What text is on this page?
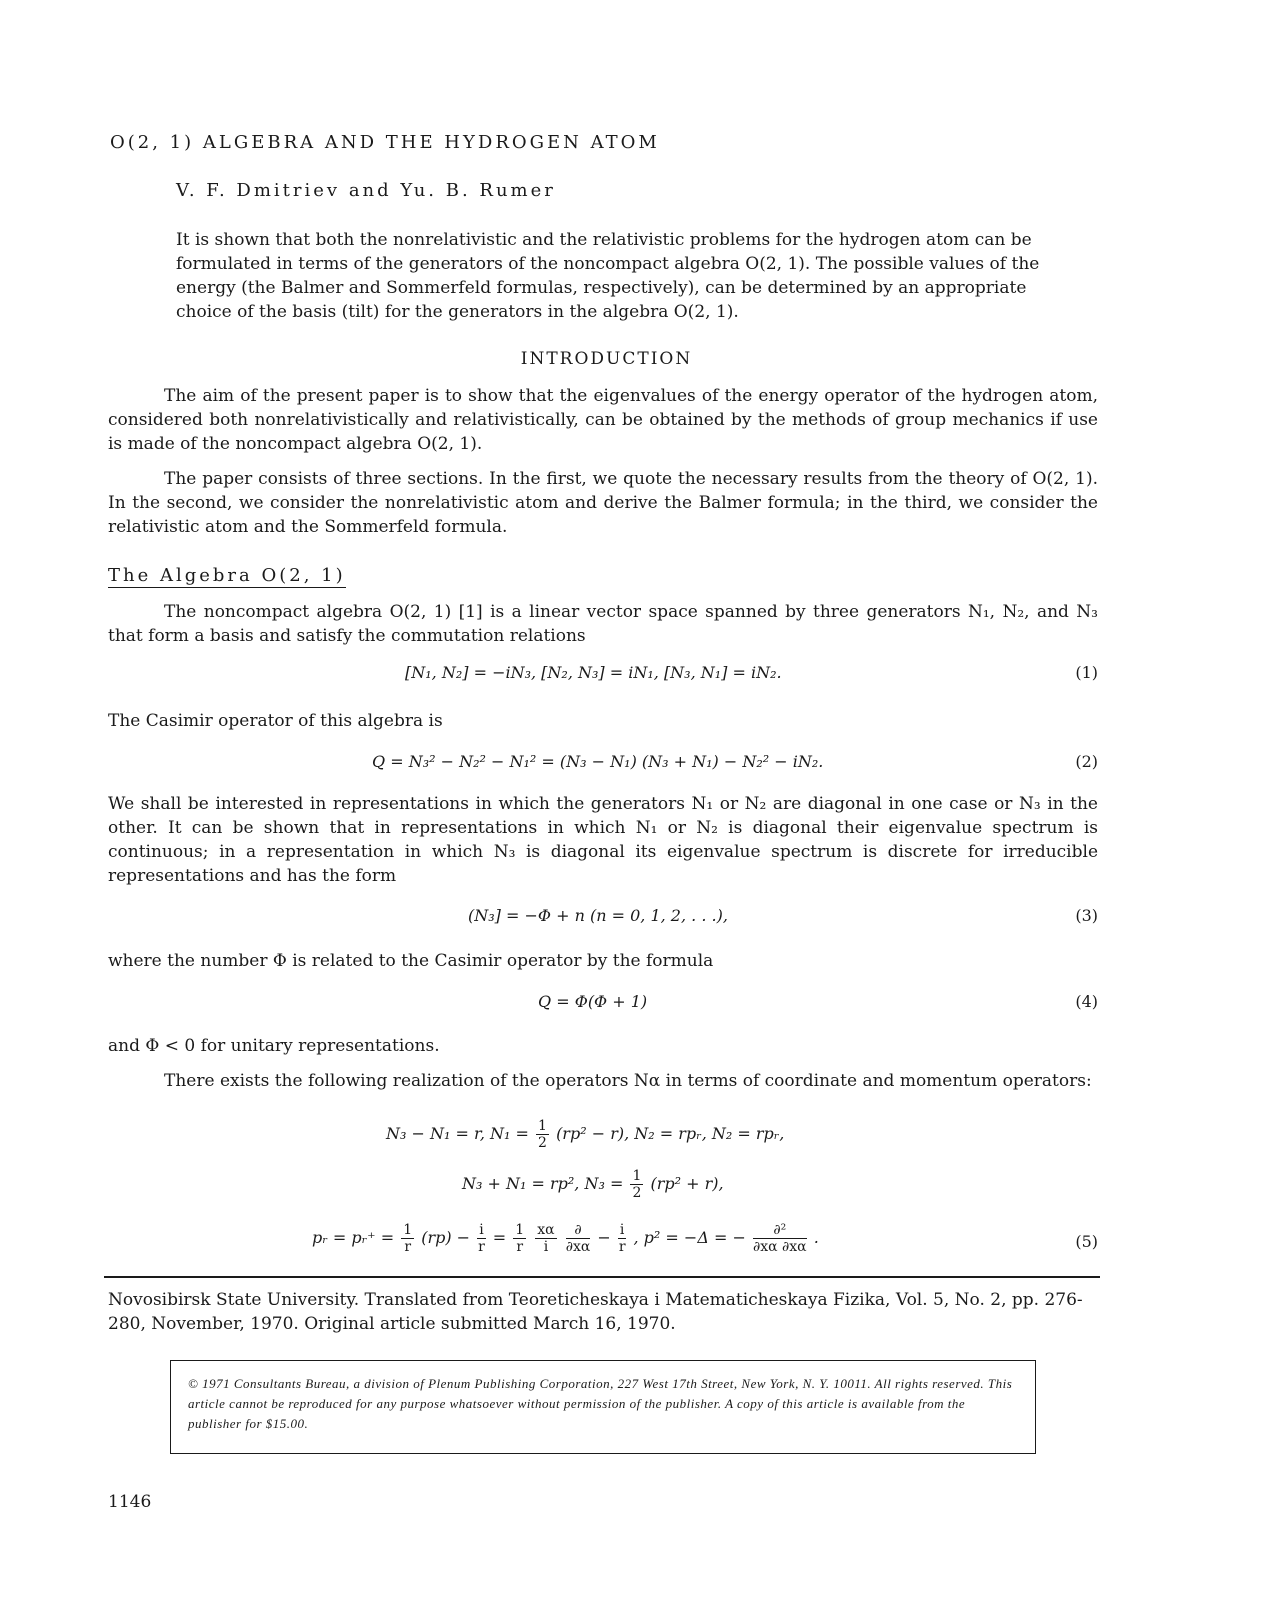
O(2, 1) ALGEBRA AND THE HYDROGEN ATOM
V. F. Dmitriev and Yu. B. Rumer
It is shown that both the nonrelativistic and the relativistic problems for the hydrogen atom can be formulated in terms of the generators of the noncompact algebra O(2, 1). The possible values of the energy (the Balmer and Sommerfeld formulas, respectively), can be determined by an appropriate choice of the basis (tilt) for the generators in the algebra O(2, 1).
INTRODUCTION
The aim of the present paper is to show that the eigenvalues of the energy operator of the hydrogen atom, considered both nonrelativistically and relativistically, can be obtained by the methods of group mechanics if use is made of the noncompact algebra O(2, 1).
The paper consists of three sections. In the first, we quote the necessary results from the theory of O(2, 1). In the second, we consider the nonrelativistic atom and derive the Balmer formula; in the third, we consider the relativistic atom and the Sommerfeld formula.
The Algebra O(2, 1)
The noncompact algebra O(2, 1) [1] is a linear vector space spanned by three generators N₁, N₂, and N₃ that form a basis and satisfy the commutation relations
[N₁, N₂] = −iN₃, [N₂, N₃] = iN₁, [N₃, N₁] = iN₂.	(1)
The Casimir operator of this algebra is
Q = N₃² − N₂² − N₁² = (N₃ − N₁) (N₃ + N₁) − N₂² − iN₂.	(2)
We shall be interested in representations in which the generators N₁ or N₂ are diagonal in one case or N₃ in the other. It can be shown that in representations in which N₁ or N₂ is diagonal their eigenvalue spectrum is continuous; in a representation in which N₃ is diagonal its eigenvalue spectrum is discrete for irreducible representations and has the form
(N₃] = −Φ + n (n = 0, 1, 2, . . .),	(3)
where the number Φ is related to the Casimir operator by the formula
Q = Φ(Φ + 1)	(4)
and Φ < 0 for unitary representations.
There exists the following realization of the operators Nα in terms of coordinate and momentum operators:
N₃ − N₁ = r, $N_1 = \frac{1}{2} (rp^2 - r)$, N₂ = rpᵣ, N₂ = rpᵣ,
N₃ + N₁ = rp², $N_3 = \frac{1}{2} (rp^2 + r)$,
pᵣ = pᵣ⁺ = $\frac{1}{r} (rp) - \frac{i}{r} = \frac{1}{r}$
$\frac{x\alpha}{i}$
$\frac{\partial}{\partial x\alpha} - \frac{i}{r}$ , p² = −Δ = − $\frac{\text{∂²}}{\partial x\alpha \partial x\alpha}$ .	(5)
Novosibirsk State University. Translated from Teoreticheskaya i Matematicheskaya Fizika, Vol. 5, No. 2, pp. 276-280, November, 1970. Original article submitted March 16, 1970.
© 1971 Consultants Bureau, a division of Plenum Publishing Corporation, 227 West 17th Street, New York, N. Y. 10011. All rights reserved. This article cannot be reproduced for any purpose whatsoever without permission of the publisher. A copy of this article is available from the publisher for $15.00.
1146
